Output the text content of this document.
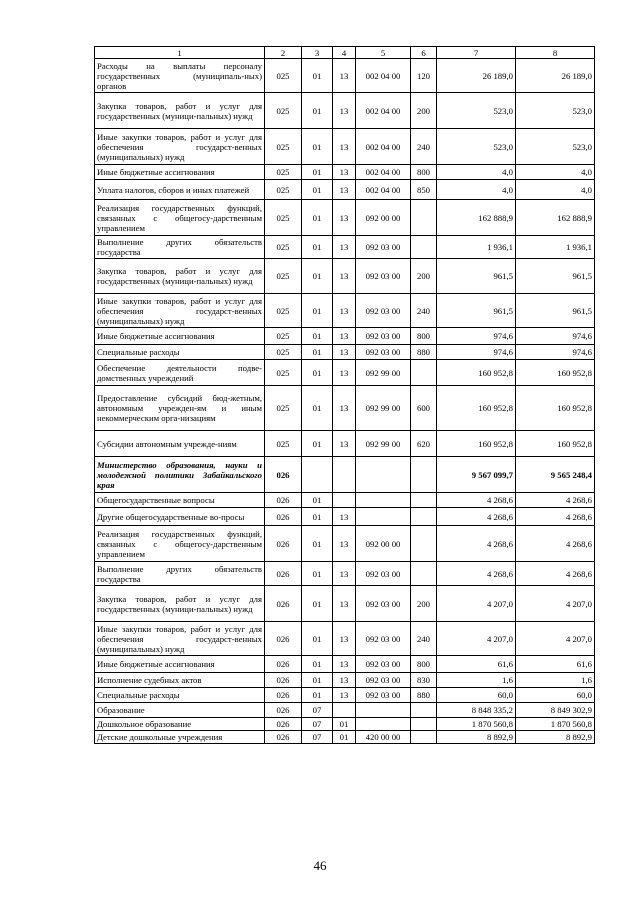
1	2	3	4	5	6	7	8
Расходы на выплаты персоналу государственных (муниципаль-ных) органов	025	01	13	002 04 00	120	26 189,0	26 189,0
Закупка товаров, работ и услуг для государственных (муници-пальных) нужд	025	01	13	002 04 00	200	523,0	523,0
Иные закупки товаров, работ и услуг для обеспечения государст-венных (муниципальных) нужд	025	01	13	002 04 00	240	523,0	523,0
Иные бюджетные ассигнования	025	01	13	002 04 00	800	4,0	4,0
Уплата налогов, сборов и иных платежей	025	01	13	002 04 00	850	4,0	4,0
Реализация государственных функций, связанных с общегосу-дарственным управлением	025	01	13	092 00 00		162 888,9	162 888,9
Выполнение других обязательств государства	025	01	13	092 03 00		1 936,1	1 936,1
Закупка товаров, работ и услуг для государственных (муници-пальных) нужд	025	01	13	092 03 00	200	961,5	961,5
Иные закупки товаров, работ и услуг для обеспечения государст-венных (муниципальных) нужд	025	01	13	092 03 00	240	961,5	961,5
Иные бюджетные ассигнования	025	01	13	092 03 00	800	974,6	974,6
Специальные расходы	025	01	13	092 03 00	880	974,6	974,6
Обеспечение деятельности подве-домственных учреждений	025	01	13	092 99 00		160 952,8	160 952,8
Предоставление субсидий бюд-жетным, автономным учрежден-ям и иным некоммерческим орга-низациям	025	01	13	092 99 00	600	160 952,8	160 952,8
Субсидии автономным учрежде-ниям	025	01	13	092 99 00	620	160 952,8	160 952,8
Министерство образования, науки и молодежной политики Забайкальского края	026					9 567 099,7	9 565 248,4
Общегосударственные вопросы	026	01				4 268,6	4 268,6
Другие общегосударственные во-просы	026	01	13			4 268,6	4 268,6
Реализация государственных функций, связанных с общегосу-дарственным управлением	026	01	13	092 00 00		4 268,6	4 268,6
Выполнение других обязательств государства	026	01	13	092 03 00		4 268,6	4 268,6
Закупка товаров, работ и услуг для государственных (муници-пальных) нужд	026	01	13	092 03 00	200	4 207,0	4 207,0
Иные закупки товаров, работ и услуг для обеспечения государст-венных (муниципальных) нужд	026	01	13	092 03 00	240	4 207,0	4 207,0
Иные бюджетные ассигнования	026	01	13	092 03 00	800	61,6	61,6
Исполнение судебных актов	026	01	13	092 03 00	830	1,6	1,6
Специальные расходы	026	01	13	092 03 00	880	60,0	60,0
Образование	026	07				8 848 335,2	8 849 302,9
Дошкольное образование	026	07	01			1 870 560,8	1 870 560,8
Детские дошкольные учреждения	026	07	01	420 00 00		8 892,9	8 892,9
46
